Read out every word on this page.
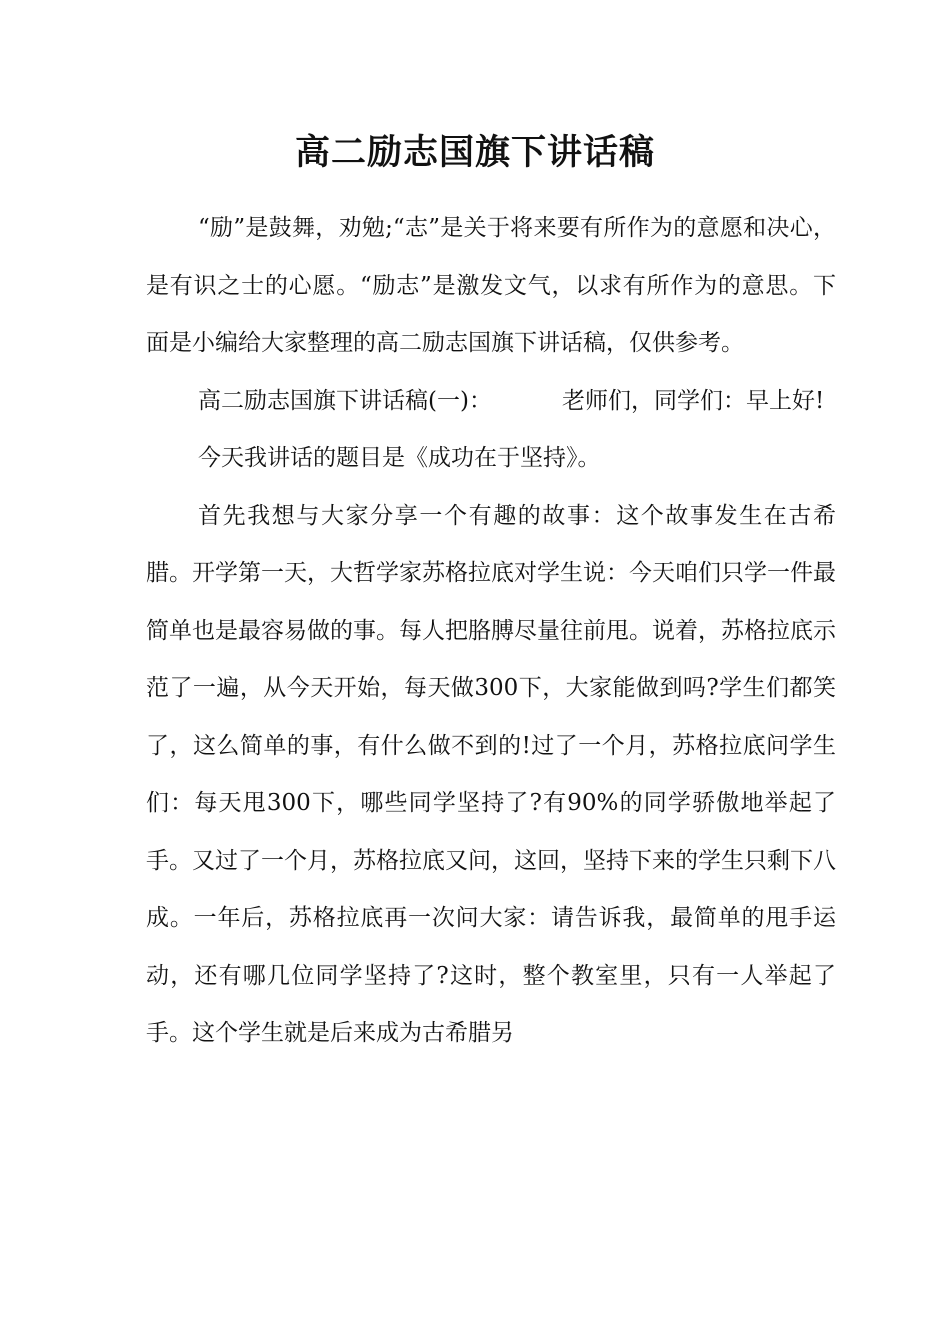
高二励志国旗下讲话稿

“励”是鼓舞，劝勉;“志”是关于将来要有所作为的意愿和决心，是有识之士的心愿。“励志”是激发文气，以求有所作为的意思。下面是小编给大家整理的高二励志国旗下讲话稿，仅供参考。

高二励志国旗下讲话稿(一)：	老师们，同学们：早上好!

今天我讲话的题目是《成功在于坚持》。

首先我想与大家分享一个有趣的故事：这个故事发生在古希腊。开学第一天，大哲学家苏格拉底对学生说：今天咱们只学一件最简单也是最容易做的事。每人把胳膊尽量往前甩。说着，苏格拉底示范了一遍，从今天开始，每天做300下，大家能做到吗?学生们都笑了，这么简单的事，有什么做不到的!过了一个月，苏格拉底问学生们：每天甩300下，哪些同学坚持了?有90%的同学骄傲地举起了手。又过了一个月，苏格拉底又问，这回，坚持下来的学生只剩下八成。一年后，苏格拉底再一次问大家：请告诉我，最简单的甩手运动，还有哪几位同学坚持了?这时，整个教室里，只有一人举起了手。这个学生就是后来成为古希腊另
